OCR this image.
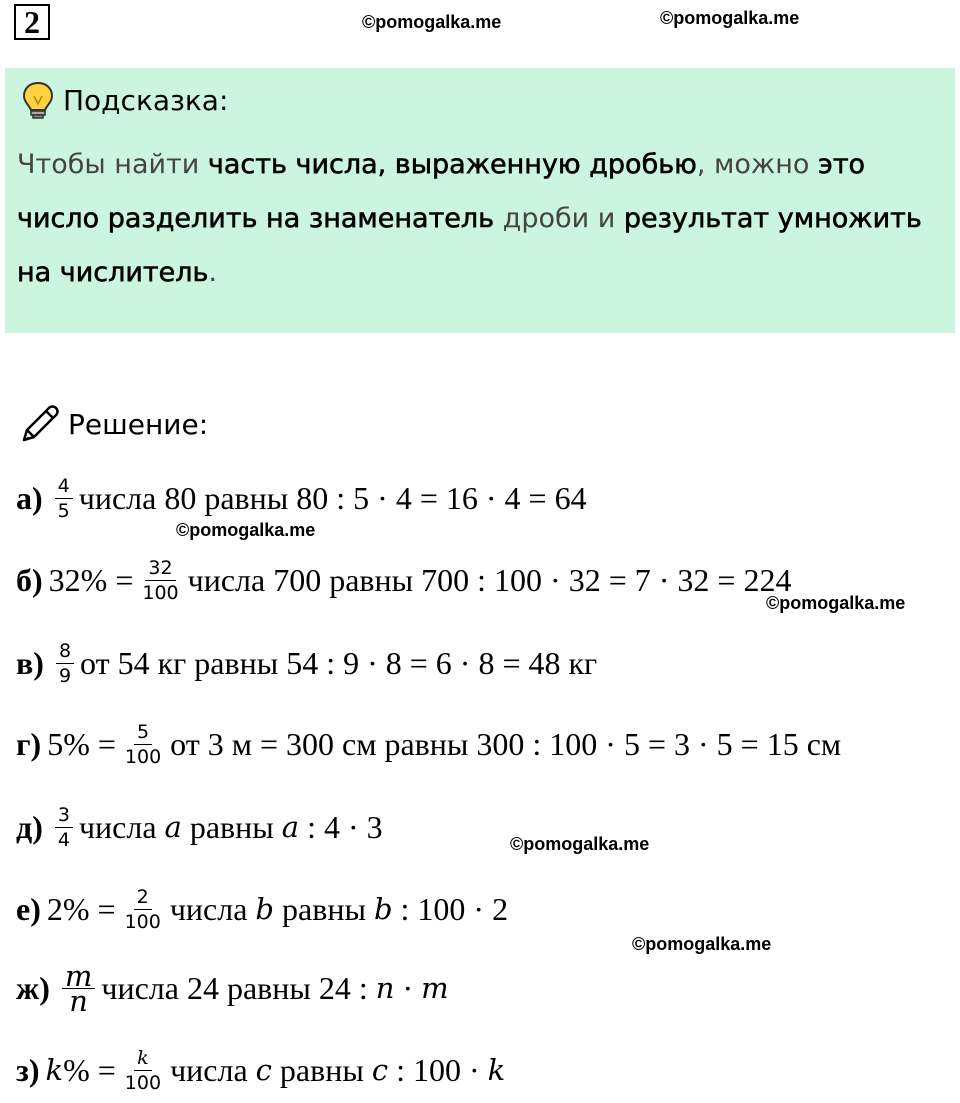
2	©pomogalka.me	©pomogalka.me
Подсказка:
Чтобы найти часть числа, выраженную дробью, можно это число разделить на знаменатель дроби и результат умножить на числитель.
Решение:
$а) \frac{4}{5}$ числа 80 равны 80 : 5 · 4 = 16 · 4 = 64
©pomogalka.me
б) $32\% = \frac{32}{100}$ числа 700 равны 700 : 100 · 32 = 7 · 32 = 224
©pomogalka.me
$в) \frac{8}{9}$ от 54 кг равны 54 : 9 · 8 = 6 · 8 = 48 кг
г) $5\% = \frac{5}{100}$ от 3 м = 300 см равны 300 : 100 · 5 = 3 · 5 = 15 см
$д) \frac{3}{4}$ числа a равны a : 4 · 3	©pomogalka.me
е) $2\% = \frac{2}{100}$ числа b равны b : 100 · 2
©pomogalka.me
$ж) \frac{m}{n}$ числа 24 равны 24 : n · m
з) k % = $\frac{k}{100}$ числа c равны c : 100 · k
